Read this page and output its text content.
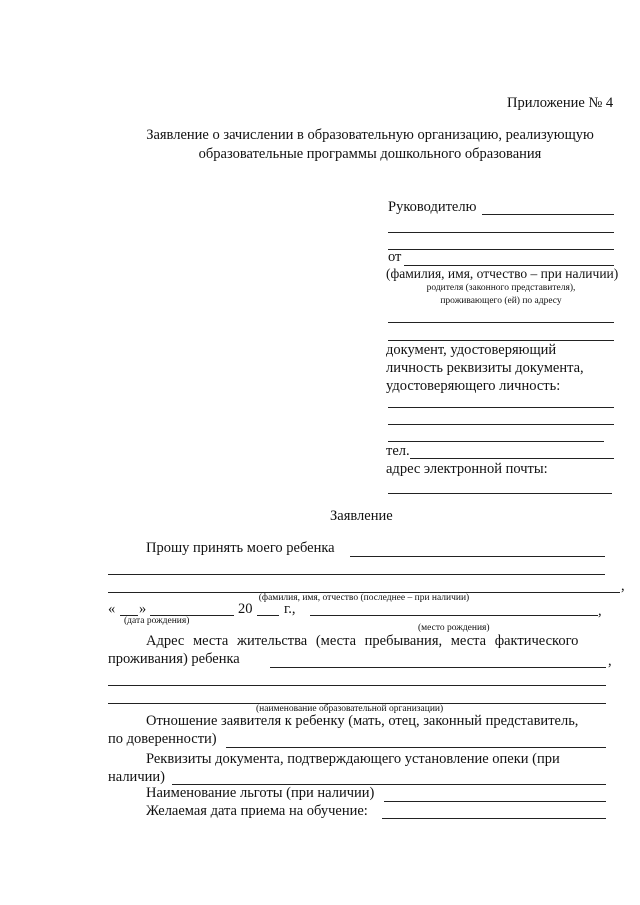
Приложение № 4
Заявление о зачислении в образовательную организацию, реализующую
образовательные программы дошкольного образования
Руководителю
от
(фамилия, имя, отчество – при наличии)
родителя (законного представителя),
проживающего (ей) по адресу
документ, удостоверяющий
личность реквизиты документа,
удостоверяющего личность:
тел.
адрес электронной почты:
Заявление
Прошу принять моего ребенка
,
(фамилия, имя, отчество (последнее – при наличии)
« »	20 г.,	,
(дата рождения)
(место рождения)
Адрес места жительства (места пребывания, места фактического
проживания) ребенка	,
(наименование образовательной организации)
Отношение заявителя к ребенку (мать, отец, законный представитель,
по доверенности)
Реквизиты документа, подтверждающего установление опеки (при
наличии)
Наименование льготы (при наличии)
Желаемая дата приема на обучение:
